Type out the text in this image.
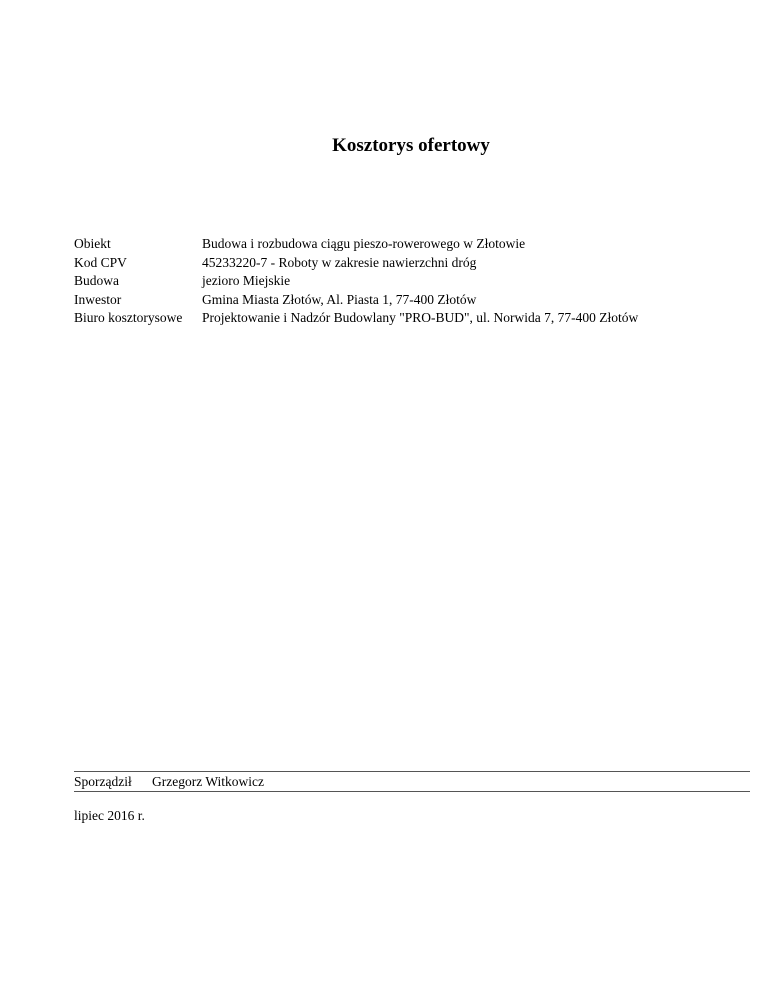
Kosztorys ofertowy
Obiekt	Budowa i rozbudowa ciągu pieszo-rowerowego w Złotowie
Kod CPV	45233220-7 - Roboty w zakresie nawierzchni dróg
Budowa	jezioro Miejskie
Inwestor	Gmina Miasta Złotów, Al. Piasta 1, 77-400 Złotów
Biuro kosztorysowe	Projektowanie i Nadzór Budowlany "PRO-BUD", ul. Norwida 7, 77-400 Złotów
Sporządził	Grzegorz Witkowicz
lipiec 2016 r.
